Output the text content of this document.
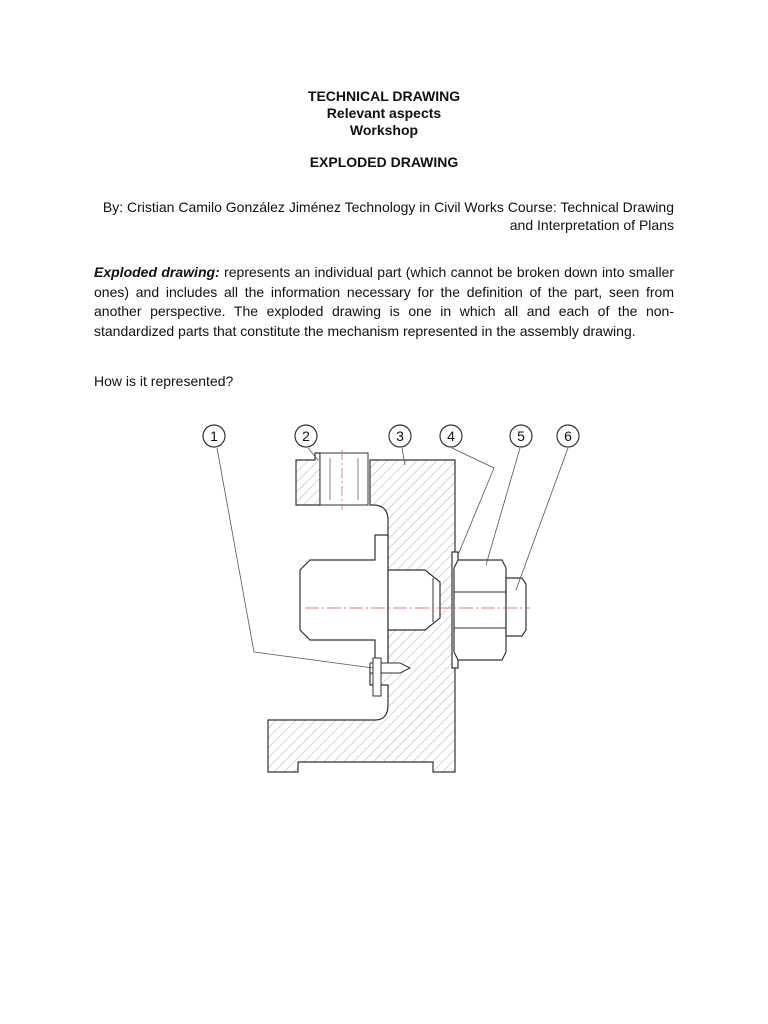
TECHNICAL DRAWING
Relevant aspects
Workshop
EXPLODED DRAWING
By: Cristian Camilo González Jiménez Technology in Civil Works Course: Technical Drawing and Interpretation of Plans
Exploded drawing: represents an individual part (which cannot be broken down into smaller ones) and includes all the information necessary for the definition of the part, seen from another perspective. The exploded drawing is one in which all and each of the non-standardized parts that constitute the mechanism represented in the assembly drawing.
How is it represented?
1	2	3	4	5	6
